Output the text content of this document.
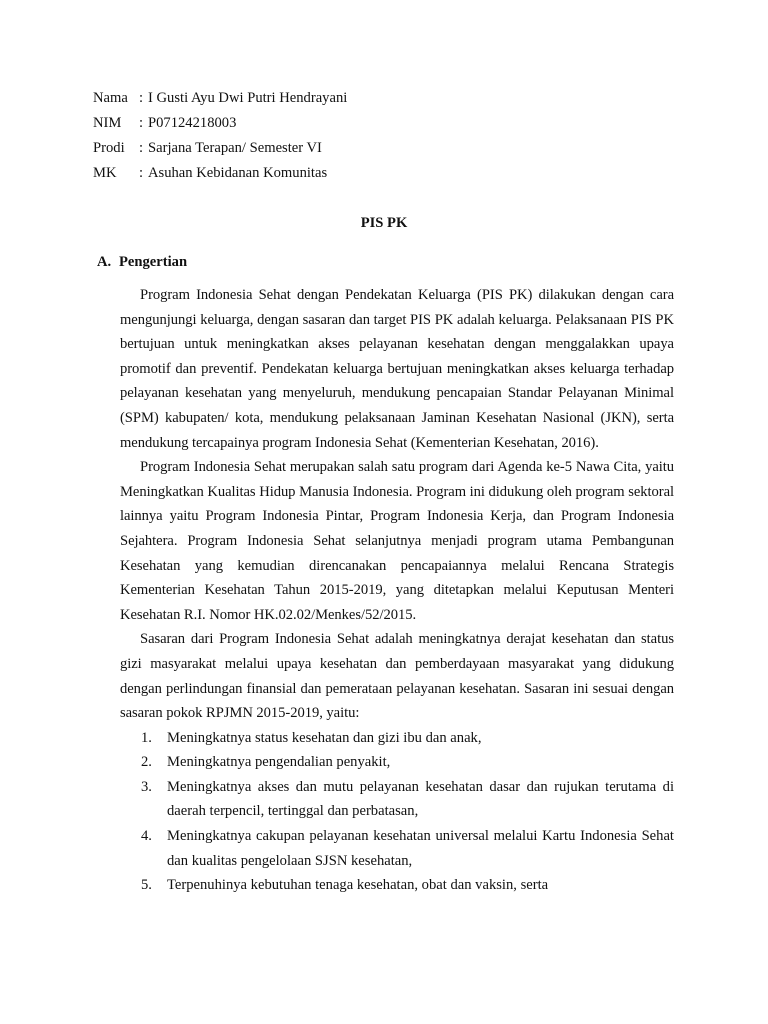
Nama : I Gusti Ayu Dwi Putri Hendrayani
NIM : P07124218003
Prodi : Sarjana Terapan/ Semester VI
MK : Asuhan Kebidanan Komunitas
PIS PK
A. Pengertian

Program Indonesia Sehat dengan Pendekatan Keluarga (PIS PK) dilakukan dengan cara mengunjungi keluarga, dengan sasaran dan target PIS PK adalah keluarga. Pelaksanaan PIS PK bertujuan untuk meningkatkan akses pelayanan kesehatan dengan menggalakkan upaya promotif dan preventif. Pendekatan keluarga bertujuan meningkatkan akses keluarga terhadap pelayanan kesehatan yang menyeluruh, mendukung pencapaian Standar Pelayanan Minimal (SPM) kabupaten/ kota, mendukung pelaksanaan Jaminan Kesehatan Nasional (JKN), serta mendukung tercapainya program Indonesia Sehat (Kementerian Kesehatan, 2016).

Program Indonesia Sehat merupakan salah satu program dari Agenda ke-5 Nawa Cita, yaitu Meningkatkan Kualitas Hidup Manusia Indonesia. Program ini didukung oleh program sektoral lainnya yaitu Program Indonesia Pintar, Program Indonesia Kerja, dan Program Indonesia Sejahtera. Program Indonesia Sehat selanjutnya menjadi program utama Pembangunan Kesehatan yang kemudian direncanakan pencapaiannya melalui Rencana Strategis Kementerian Kesehatan Tahun 2015-2019, yang ditetapkan melalui Keputusan Menteri Kesehatan R.I. Nomor HK.02.02/Menkes/52/2015.

Sasaran dari Program Indonesia Sehat adalah meningkatnya derajat kesehatan dan status gizi masyarakat melalui upaya kesehatan dan pemberdayaan masyarakat yang didukung dengan perlindungan finansial dan pemerataan pelayanan kesehatan. Sasaran ini sesuai dengan sasaran pokok RPJMN 2015-2019, yaitu:

1. Meningkatnya status kesehatan dan gizi ibu dan anak,
2. Meningkatnya pengendalian penyakit,
3. Meningkatnya akses dan mutu pelayanan kesehatan dasar dan rujukan terutama di daerah terpencil, tertinggal dan perbatasan,
4. Meningkatnya cakupan pelayanan kesehatan universal melalui Kartu Indonesia Sehat dan kualitas pengelolaan SJSN kesehatan,
5. Terpenuhinya kebutuhan tenaga kesehatan, obat dan vaksin, serta
